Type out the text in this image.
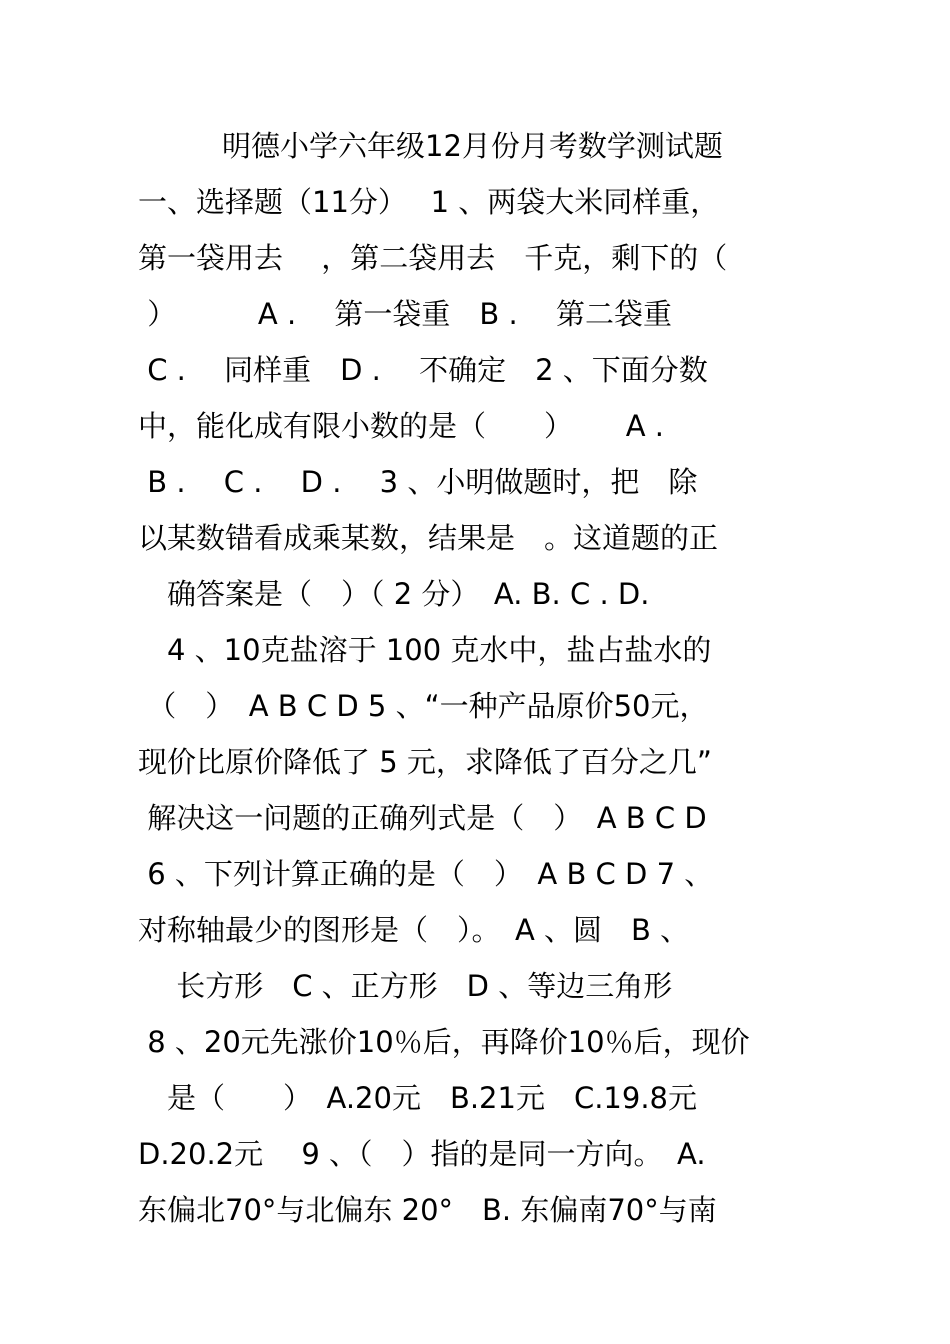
明德小学六年级12月份月考数学测试题
一、选择题（11分）　 1 、两袋大米同样重，
第一袋用去　 ，第二袋用去　千克，剩下的（
）　　　 A .　 第一袋重　B .　 第二袋重
C .　 同样重　D .　 不确定　2 、下面分数
中，能化成有限小数的是（　　）　　 A .
B .　 C .　 D .　 3 、小明做题时，把　除
以某数错看成乘某数，结果是　。这道题的正
　确答案是（　）（ 2 分）　A. B. C . D.
　4 、10克盐溶于 100 克水中，盐占盐水的
（　）　A B C D 5 、“一种产品原价50元，
现价比原价降低了 5 元，求降低了百分之几”
解决这一问题的正确列式是（　）　A B C D
6 、下列计算正确的是（　）　A B C D 7 、
对称轴最少的图形是（　）。　A 、圆　B 、
　 长方形　C 、正方形　D 、等边三角形
8 、20元先涨价10％后，再降价10％后，现价
　是（　　）　A.20元　B.21元　C.19.8元
D.20.2元　 9 、（　）指的是同一方向。　A.
东偏北70°与北偏东 20°　B. 东偏南70°与南
